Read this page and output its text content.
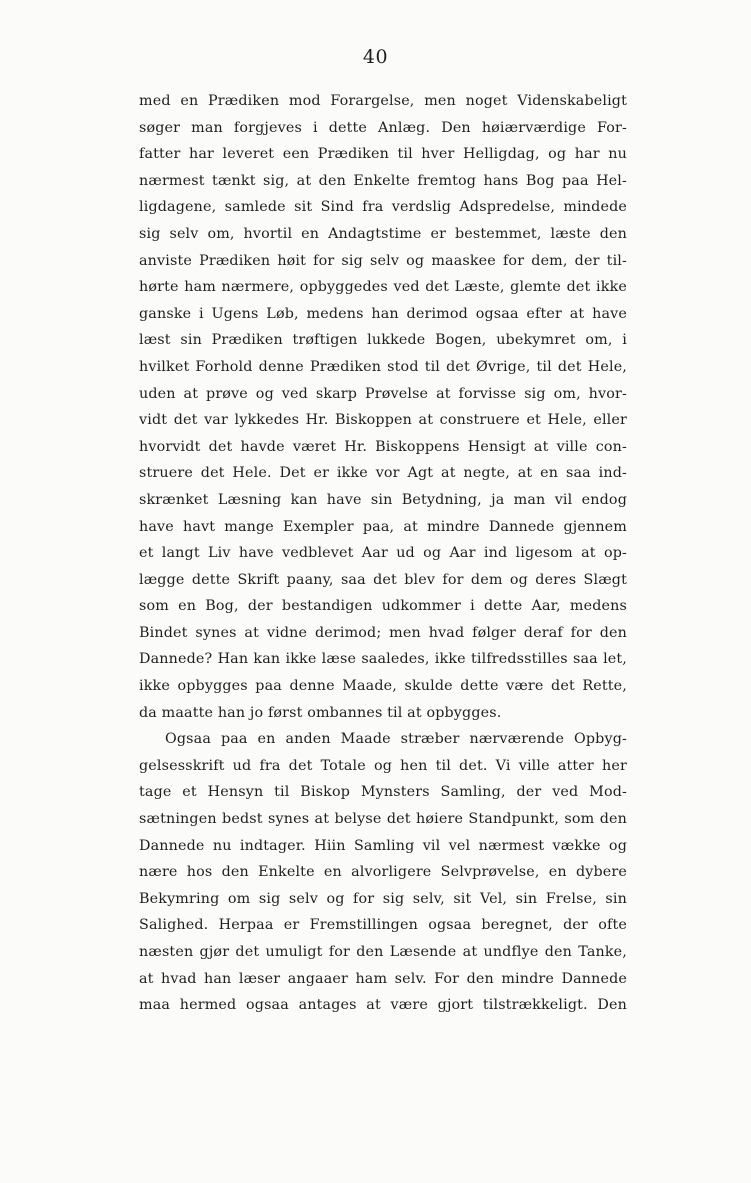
40
med en Prædiken mod Forargelse, men noget Videnskabeligt
søger man forgjeves i dette Anlæg. Den høiærværdige For-
fatter har leveret een Prædiken til hver Helligdag, og har nu
nærmest tænkt sig, at den Enkelte fremtog hans Bog paa Hel-
ligdagene, samlede sit Sind fra verdslig Adspredelse, mindede
sig selv om, hvortil en Andagtstime er bestemmet, læste den
anviste Prædiken høit for sig selv og maaskee for dem, der til-
hørte ham nærmere, opbyggedes ved det Læste, glemte det ikke
ganske i Ugens Løb, medens han derimod ogsaa efter at have
læst sin Prædiken trøftigen lukkede Bogen, ubekymret om, i
hvilket Forhold denne Prædiken stod til det Øvrige, til det Hele,
uden at prøve og ved skarp Prøvelse at forvisse sig om, hvor-
vidt det var lykkedes Hr. Biskoppen at construere et Hele, eller
hvorvidt det havde været Hr. Biskoppens Hensigt at ville con-
struere det Hele. Det er ikke vor Agt at negte, at en saa ind-
skrænket Læsning kan have sin Betydning, ja man vil endog
have havt mange Exempler paa, at mindre Dannede gjennem
et langt Liv have vedblevet Aar ud og Aar ind ligesom at op-
lægge dette Skrift paany, saa det blev for dem og deres Slægt
som en Bog, der bestandigen udkommer i dette Aar, medens
Bindet synes at vidne derimod; men hvad følger deraf for den
Dannede? Han kan ikke læse saaledes, ikke tilfredsstilles saa let,
ikke opbygges paa denne Maade, skulde dette være det Rette,
da maatte han jo først ombannes til at opbygges.
Ogsaa paa en anden Maade stræber nærværende Opbyg-
gelsesskrift ud fra det Totale og hen til det. Vi ville atter her
tage et Hensyn til Biskop Mynsters Samling, der ved Mod-
sætningen bedst synes at belyse det høiere Standpunkt, som den
Dannede nu indtager. Hiin Samling vil vel nærmest vække og
nære hos den Enkelte en alvorligere Selvprøvelse, en dybere
Bekymring om sig selv og for sig selv, sit Vel, sin Frelse, sin
Salighed. Herpaa er Fremstillingen ogsaa beregnet, der ofte
næsten gjør det umuligt for den Læsende at undflye den Tanke,
at hvad han læser angaaer ham selv. For den mindre Dannede
maa hermed ogsaa antages at være gjort tilstrækkeligt. Den
